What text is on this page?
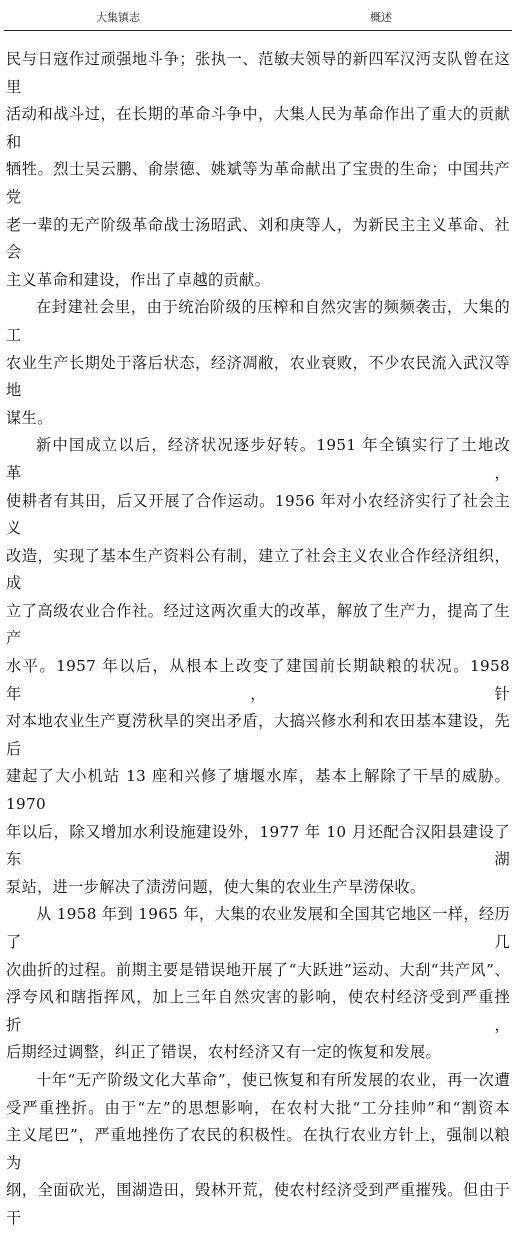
大集镇志	概述

民与日寇作过顽强地斗争；张执一、范敏夫领导的新四军汉沔支队曾在这里

活动和战斗过，在长期的革命斗争中，大集人民为革命作出了重大的贡献和

牺牲。烈士吴云鹏、俞崇德、姚斌等为革命献出了宝贵的生命；中国共产党

老一辈的无产阶级革命战士汤昭武、刘和庚等人，为新民主主义革命、社会

主义革命和建设，作出了卓越的贡献。

在封建社会里，由于统治阶级的压榨和自然灾害的频频袭击，大集的工

农业生产长期处于落后状态，经济凋敝，农业衰败，不少农民流入武汉等地

谋生。

新中国成立以后，经济状况逐步好转。1951 年全镇实行了土地改革，

使耕者有其田，后又开展了合作运动。1956 年对小农经济实行了社会主义

改造，实现了基本生产资料公有制，建立了社会主义农业合作经济组织，成

立了高级农业合作社。经过这两次重大的改革，解放了生产力，提高了生产

水平。1957 年以后，从根本上改变了建国前长期缺粮的状况。1958 年，针

对本地农业生产夏涝秋旱的突出矛盾，大搞兴修水利和农田基本建设，先后

建起了大小机站 13 座和兴修了塘堰水库，基本上解除了干旱的威胁。1970

年以后，除又增加水利设施建设外，1977 年 10 月还配合汉阳县建设了东湖

泵站，进一步解决了渍涝问题，使大集的农业生产旱涝保收。

从 1958 年到 1965 年，大集的农业发展和全国其它地区一样，经历了几

次曲折的过程。前期主要是错误地开展了“大跃进”运动、大刮“共产风”、

浮夸风和瞎指挥风，加上三年自然灾害的影响，使农村经济受到严重挫折，

后期经过调整，纠正了错误，农村经济又有一定的恢复和发展。

十年“无产阶级文化大革命”，使已恢复和有所发展的农业，再一次遭

受严重挫折。由于“左”的思想影响，在农村大批“工分挂帅”和“割资本

主义尾巴”，严重地挫伤了农民的积极性。在执行农业方针上，强制以粮为

纲，全面砍光，围湖造田，毁林开荒，使农村经济受到严重摧残。但由于干
